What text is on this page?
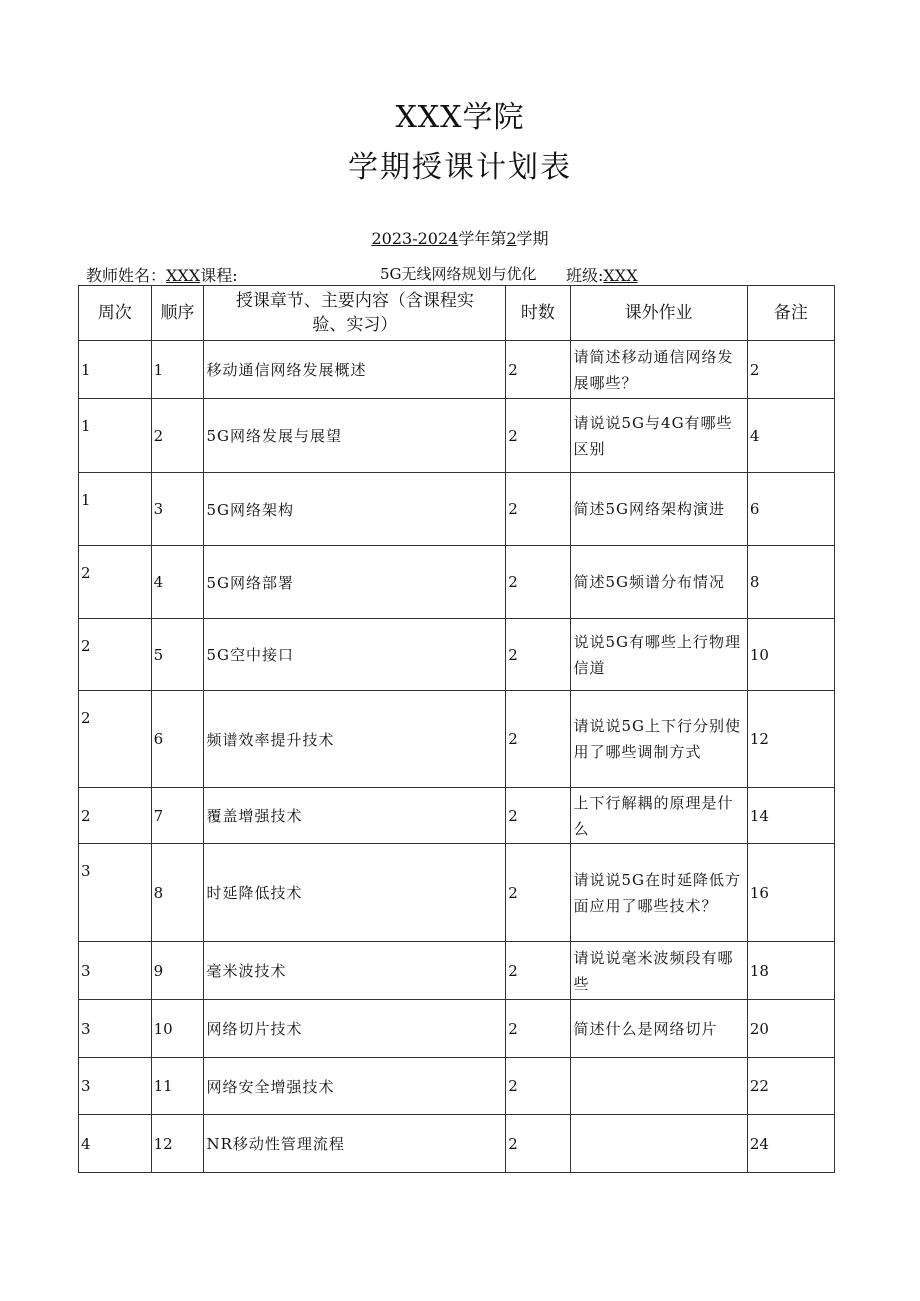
XXX学院
学期授课计划表
2023-2024学年第2学期
教师姓名：XXX课程:	5G无线网络规划与优化 班级:XXX
周次	顺序	授课章节、主要内容（含课程实验、实习）	时数	课外作业	备注
1	1	移动通信网络发展概述	2	请简述移动通信网络发展哪些？	2
1	2	5G网络发展与展望	2	请说说5G与4G有哪些区别	4
1	3	5G网络架构	2	简述5G网络架构演进	6
2	4	5G网络部署	2	简述5G频谱分布情况	8
2	5	5G空中接口	2	说说5G有哪些上行物理信道	10
2	6	频谱效率提升技术	2	请说说5G上下行分别使用了哪些调制方式	12
2	7	覆盖增强技术	2	上下行解耦的原理是什么	14
3	8	时延降低技术	2	请说说5G在时延降低方面应用了哪些技术？	16
3	9	毫米波技术	2	请说说毫米波频段有哪些	18
3	10	网络切片技术	2	简述什么是网络切片	20
3	11	网络安全增强技术	2		22
4	12	NR移动性管理流程	2		24
